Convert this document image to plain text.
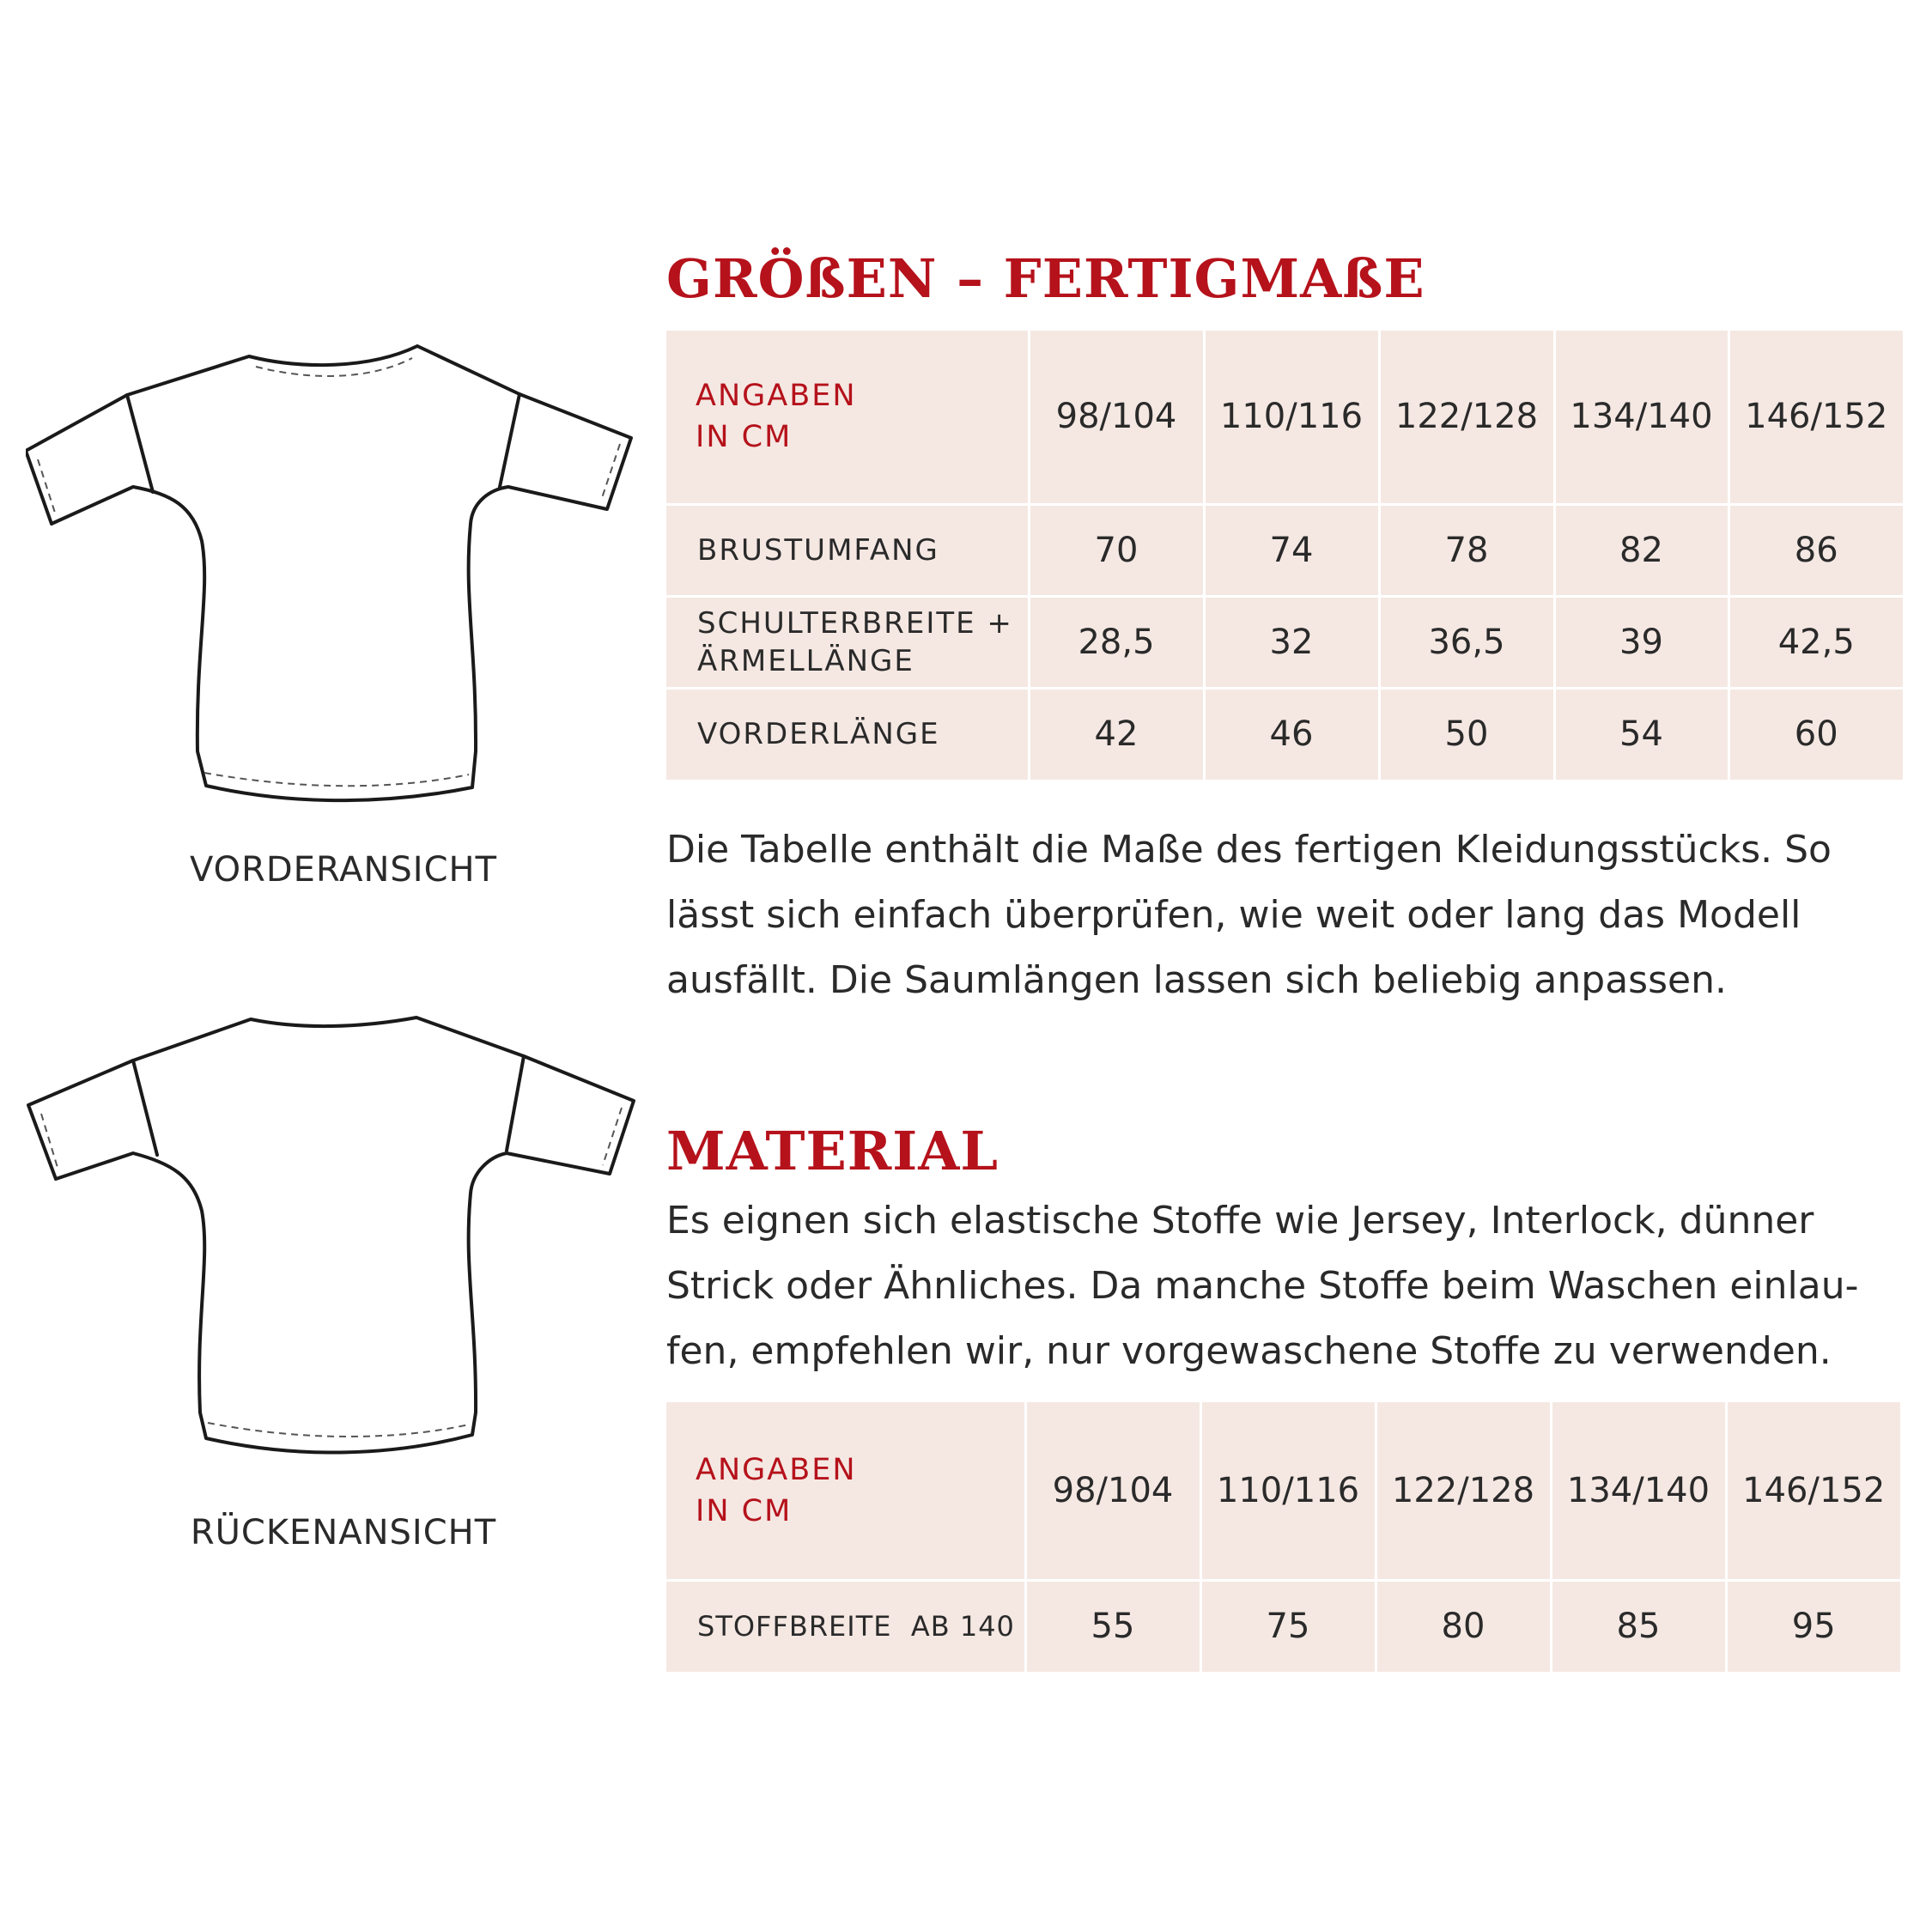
VORDERANSICHT
RÜCKENANSICHT
GRÖßEN – FERTIGMAßE
ANGABEN
IN CM	98/104	110/116	122/128	134/140	146/152
BRUSTUMFANG	70	74	78	82	86

SCHULTERBREITE +
ÄRMELLÄNGE	28,5	32	36,5	39	42,5
VORDERLÄNGE	42	46	50	54	60

Die Tabelle enthält die Maße des fertigen Kleidungsstücks. So lässt sich einfach überprüfen, wie weit oder lang das Modell ausfällt. Die Saumlängen lassen sich beliebig anpassen.

MATERIAL

Es eignen sich elastische Stoffe wie Jersey, Interlock, dünner Strick oder Ähnliches. Da manche Stoffe beim Waschen einlau-fen, empfehlen wir, nur vorgewaschene Stoffe zu verwenden.

ANGABEN
IN CM	98/104	110/116	122/128	134/140	146/152
STOFFBREITE  AB 140	55	75	80	85	95
